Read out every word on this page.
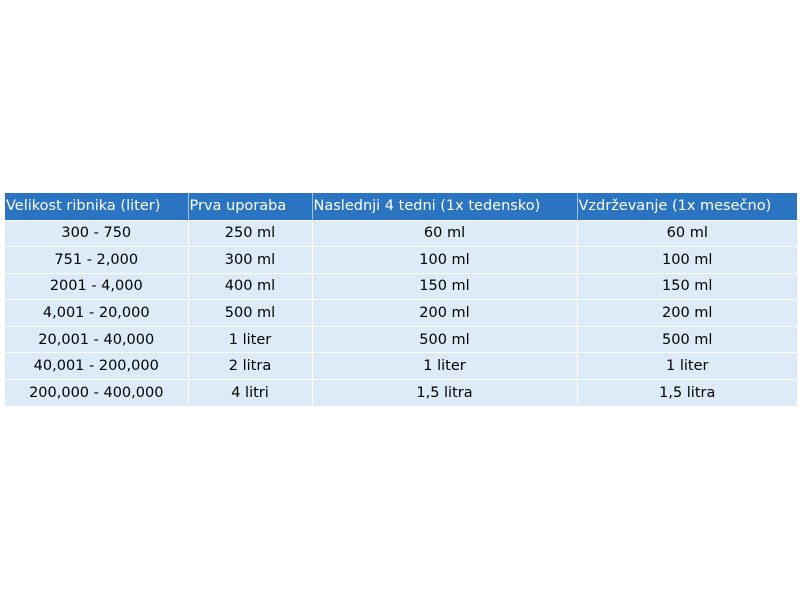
Velikost ribnika (liter)	Prva uporaba	Naslednji 4 tedni (1x tedensko)	Vzdrževanje (1x mesečno)
300 - 750	250 ml	60 ml	60 ml
751 - 2,000	300 ml	100 ml	100 ml
2001 - 4,000	400 ml	150 ml	150 ml
4,001 - 20,000	500 ml	200 ml	200 ml
20,001 - 40,000	1 liter	500 ml	500 ml
40,001 - 200,000	2 litra	1 liter	1 liter
200,000 - 400,000	4 litri	1,5 litra	1,5 litra
